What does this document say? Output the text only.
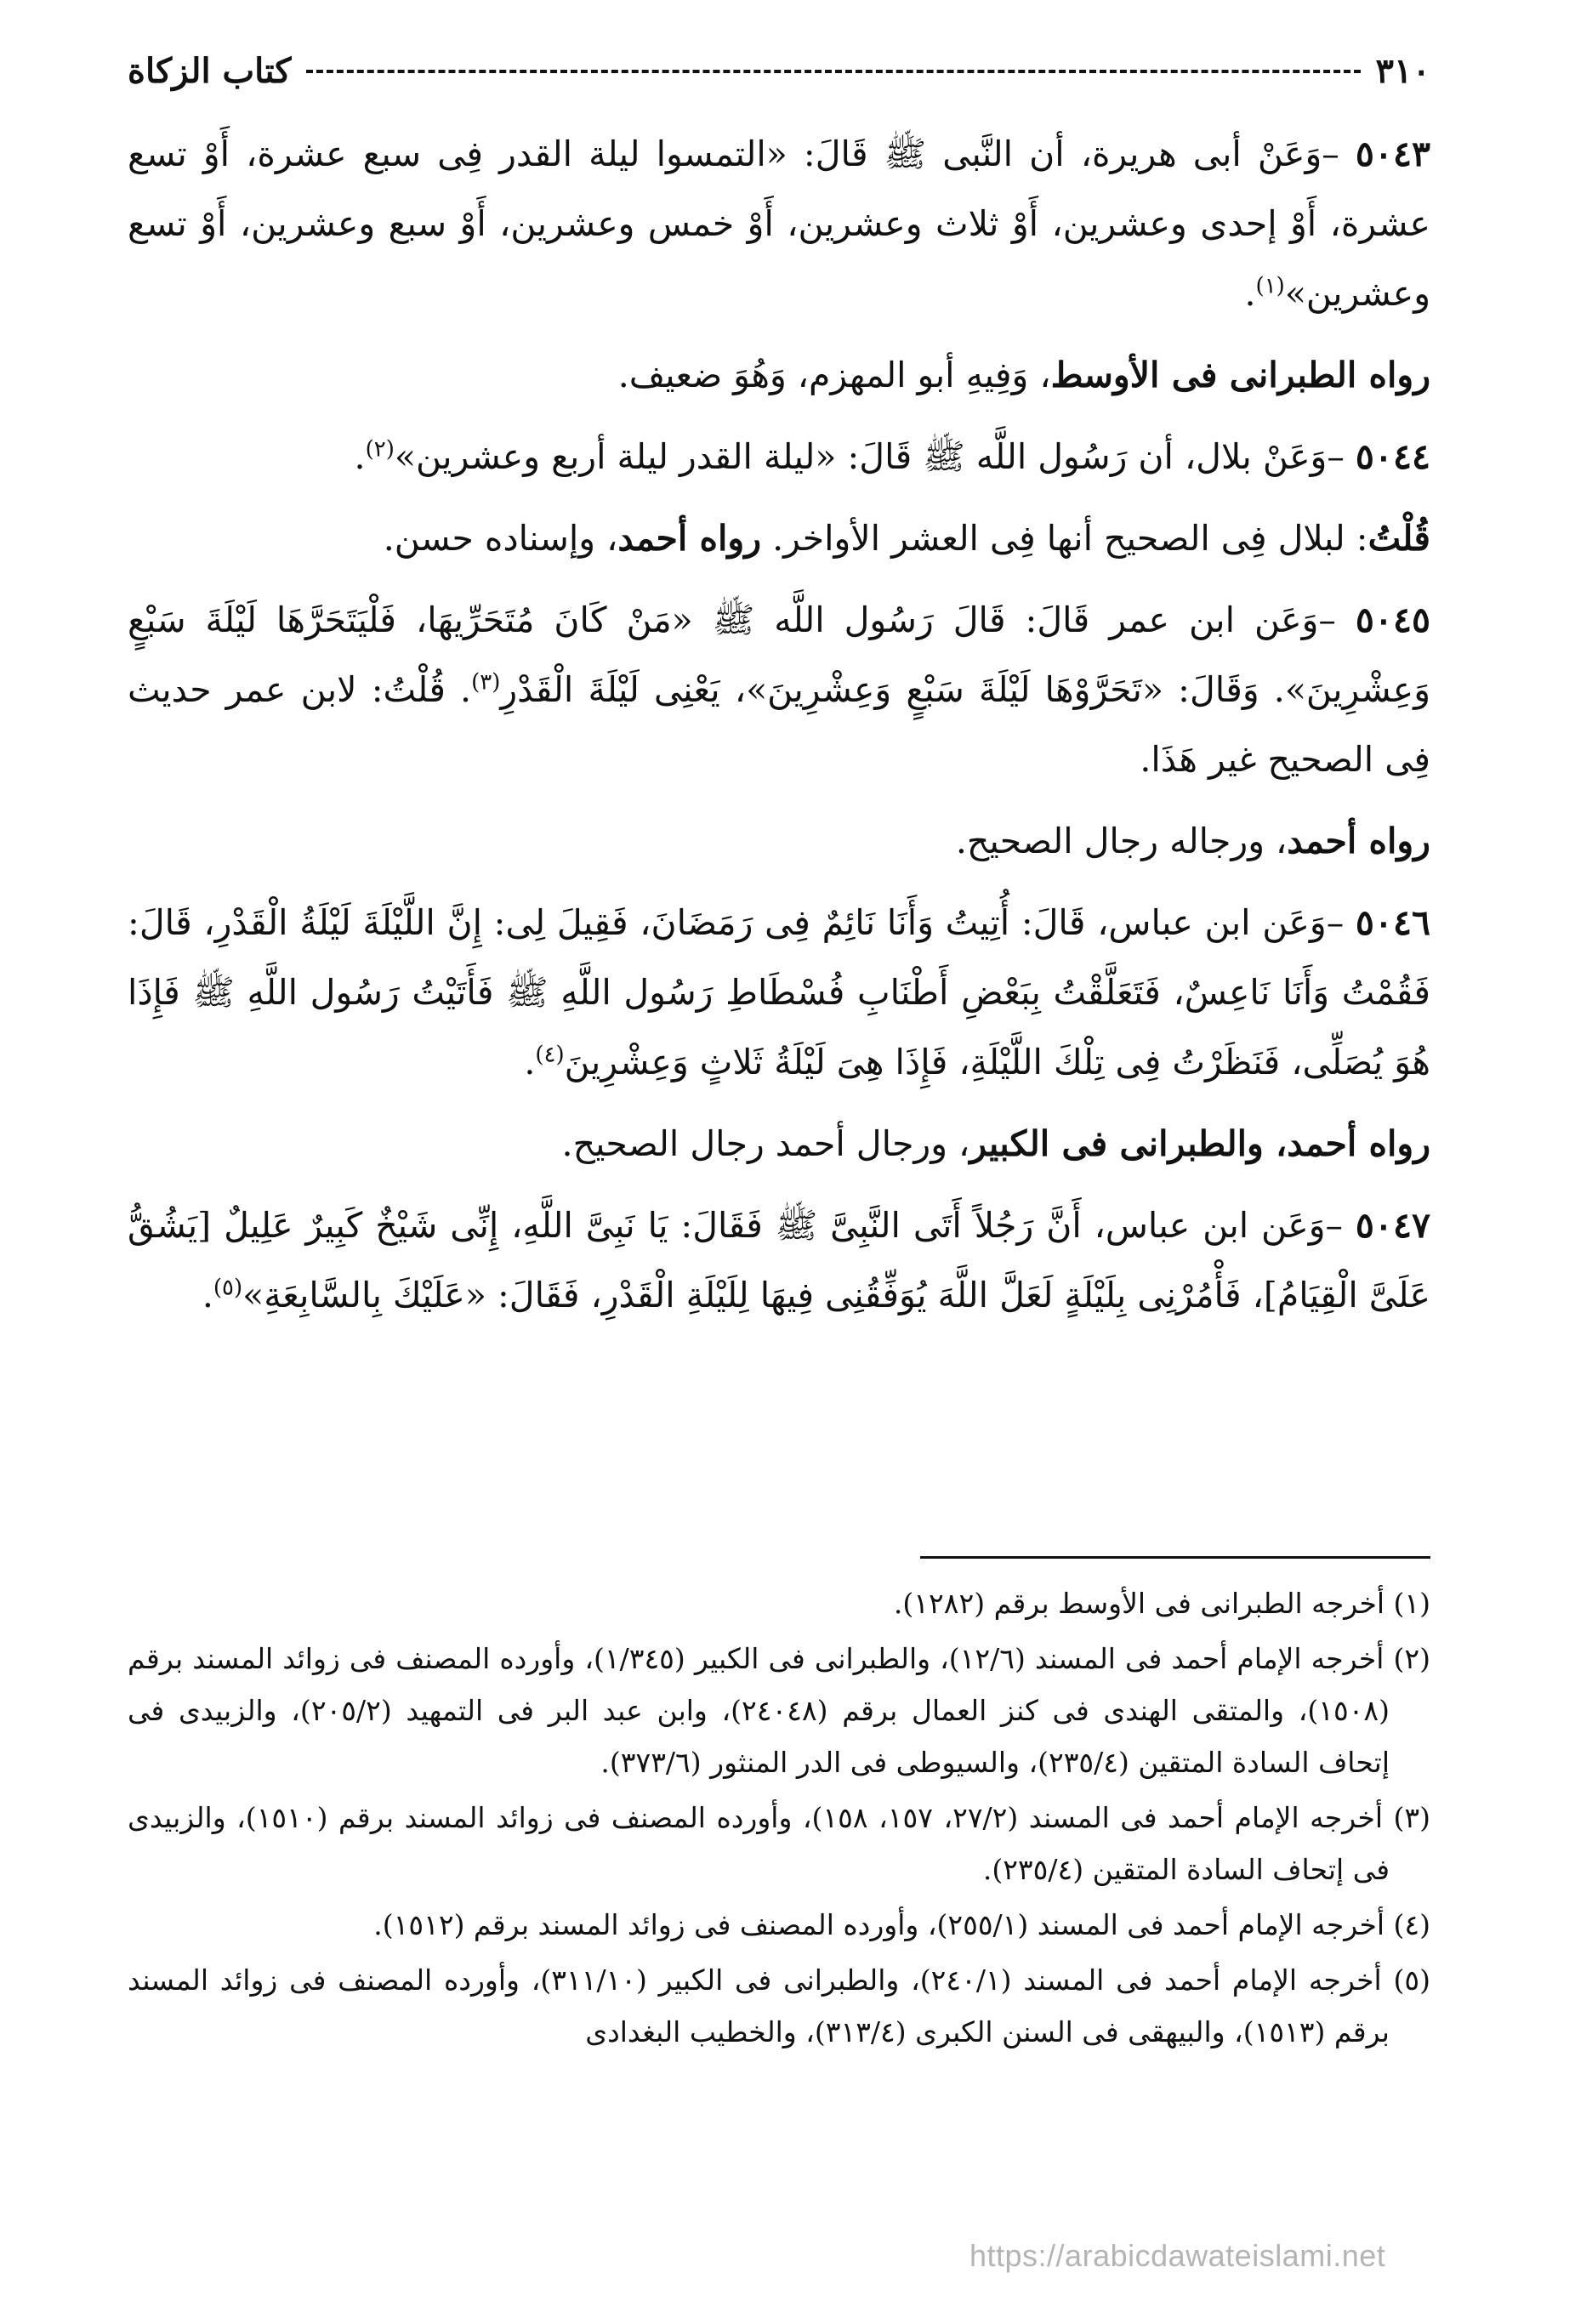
٣١٠
كتاب الزكاة

٥٠٤٣ –وَعَنْ أبى هريرة، أن النَّبى ﷺ قَالَ: «التمسوا ليلة القدر فِى سبع عشرة، أَوْ تسع عشرة، أَوْ إحدى وعشرين، أَوْ ثلاث وعشرين، أَوْ خمس وعشرين، أَوْ سبع وعشرين، أَوْ تسع وعشرين»$^{(١)}$.

رواه الطبرانى فى الأوسط، وَفِيهِ أبو المهزم، وَهُوَ ضعيف.

٥٠٤٤ –وَعَنْ بلال، أن رَسُول اللَّه ﷺ قَالَ: «ليلة القدر ليلة أربع وعشرين»$^{(٢)}$.

قُلْتُ: لبلال فِى الصحيح أنها فِى العشر الأواخر. رواه أحمد، وإسناده حسن.

٥٠٤٥ –وَعَن ابن عمر قَالَ: قَالَ رَسُول اللَّه ﷺ «مَنْ كَانَ مُتَحَرِّيهَا، فَلْيَتَحَرَّهَا لَيْلَةَ سَبْعٍ وَعِشْرِينَ». وَقَالَ: «تَحَرَّوْهَا لَيْلَةَ سَبْعٍ وَعِشْرِينَ»، يَعْنِى لَيْلَةَ الْقَدْرِ$^{(٣)}$. قُلْتُ: لابن عمر حديث فِى الصحيح غير هَذَا.

رواه أحمد، ورجاله رجال الصحيح.

٥٠٤٦ –وَعَن ابن عباس، قَالَ: أُتِيتُ وَأَنَا نَائِمٌ فِى رَمَضَانَ، فَقِيلَ لِى: إِنَّ اللَّيْلَةَ لَيْلَةُ الْقَدْرِ، قَالَ: فَقُمْتُ وَأَنَا نَاعِسٌ، فَتَعَلَّقْتُ بِبَعْضِ أَطْنَابِ فُسْطَاطِ رَسُول اللَّهِ ﷺ فَأَتَيْتُ رَسُول اللَّهِ ﷺ فَإِذَا هُوَ يُصَلِّى، فَنَظَرْتُ فِى تِلْكَ اللَّيْلَةِ، فَإِذَا هِىَ لَيْلَةُ ثَلاثٍ وَعِشْرِينَ$^{(٤)}$.

رواه أحمد، والطبرانى فى الكبير، ورجال أحمد رجال الصحيح.

٥٠٤٧ –وَعَن ابن عباس، أَنَّ رَجُلاً أَتَى النَّبِىَّ ﷺ فَقَالَ: يَا نَبِىَّ اللَّهِ، إِنِّى شَيْخٌ كَبِيرٌ عَلِيلٌ [يَشُقُّ عَلَىَّ الْقِيَامُ]، فَأْمُرْنِى بِلَيْلَةٍ لَعَلَّ اللَّهَ يُوَفِّقُنِى فِيهَا لِلَيْلَةِ الْقَدْرِ، فَقَالَ: «عَلَيْكَ بِالسَّابِعَةِ»$^{(٥)}$.

(١) أخرجه الطبرانى فى الأوسط برقم (١٢٨٢).

(٢) أخرجه الإمام أحمد فى المسند (١٢/٦)، والطبرانى فى الكبير (١/٣٤٥)، وأورده المصنف فى زوائد المسند برقم (١٥٠٨)، والمتقى الهندى فى كنز العمال برقم (٢٤٠٤٨)، وابن عبد البر فى التمهيد (٢٠٥/٢)، والزبيدى فى إتحاف السادة المتقين (٢٣٥/٤)، والسيوطى فى الدر المنثور (٣٧٣/٦).

(٣) أخرجه الإمام أحمد فى المسند (٢٧/٢، ١٥٧، ١٥٨)، وأورده المصنف فى زوائد المسند برقم (١٥١٠)، والزبيدى فى إتحاف السادة المتقين (٢٣٥/٤).

(٤) أخرجه الإمام أحمد فى المسند (٢٥٥/١)، وأورده المصنف فى زوائد المسند برقم (١٥١٢).

(٥) أخرجه الإمام أحمد فى المسند (٢٤٠/١)، والطبرانى فى الكبير (٣١١/١٠)، وأورده المصنف فى زوائد المسند برقم (١٥١٣)، والبيهقى فى السنن الكبرى (٣١٣/٤)، والخطيب البغدادى

https://arabicdawateislami.net
